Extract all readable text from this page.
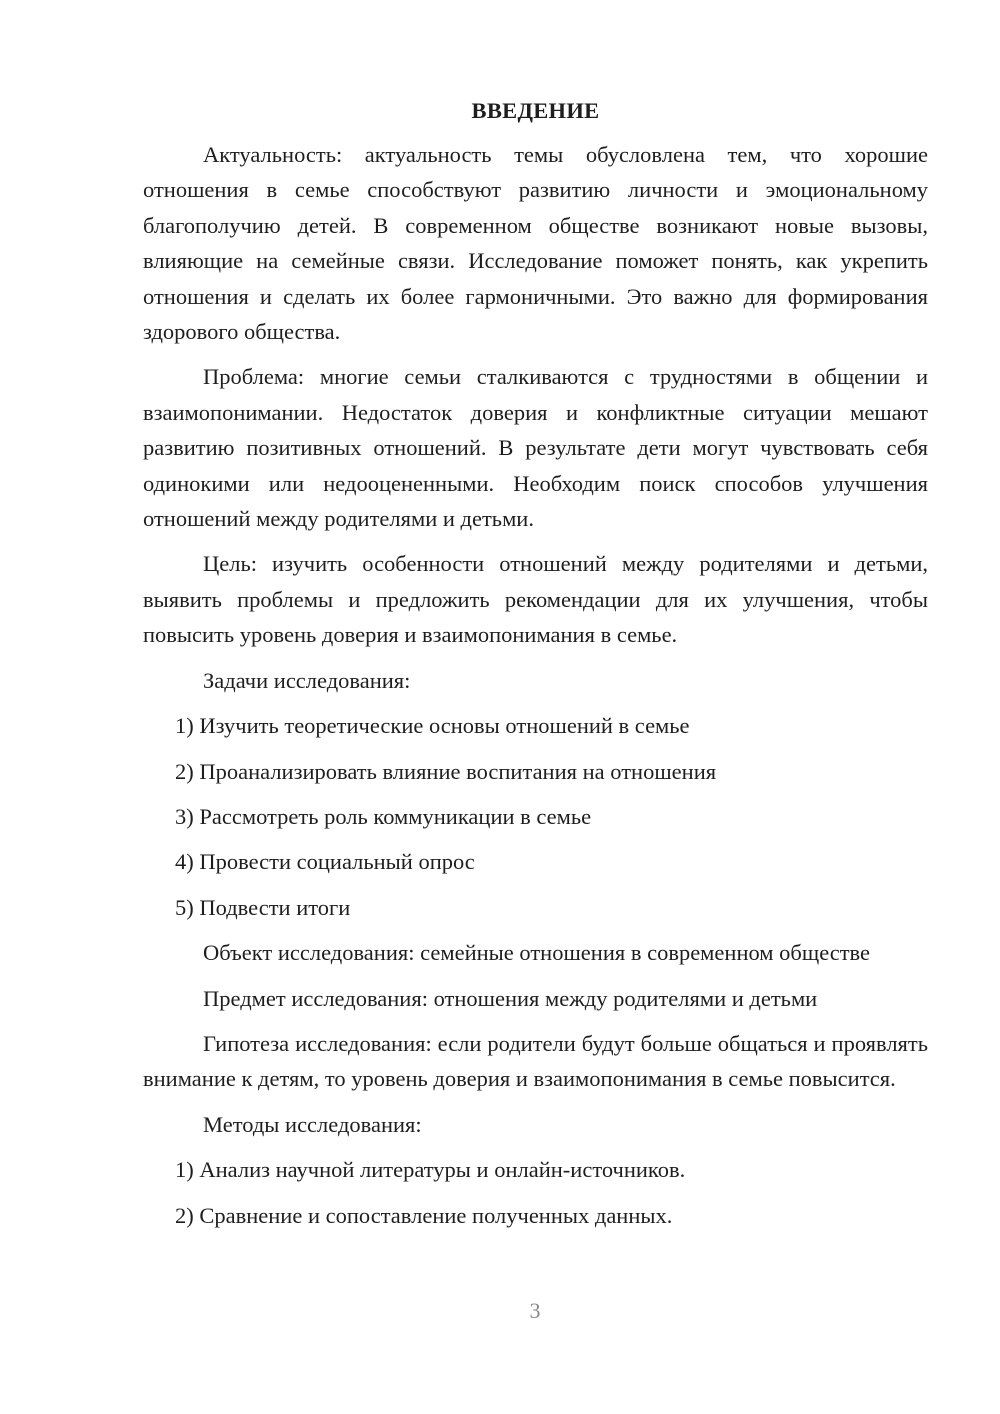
ВВЕДЕНИЕ
Актуальность: актуальность темы обусловлена тем, что хорошие отношения в семье способствуют развитию личности и эмоциональному благополучию детей. В современном обществе возникают новые вызовы, влияющие на семейные связи. Исследование поможет понять, как укрепить отношения и сделать их более гармоничными. Это важно для формирования здорового общества.
Проблема: многие семьи сталкиваются с трудностями в общении и взаимопонимании. Недостаток доверия и конфликтные ситуации мешают развитию позитивных отношений. В результате дети могут чувствовать себя одинокими или недооцененными. Необходим поиск способов улучшения отношений между родителями и детьми.
Цель: изучить особенности отношений между родителями и детьми, выявить проблемы и предложить рекомендации для их улучшения, чтобы повысить уровень доверия и взаимопонимания в семье.
Задачи исследования:
1) Изучить теоретические основы отношений в семье
2) Проанализировать влияние воспитания на отношения
3) Рассмотреть роль коммуникации в семье
4) Провести социальный опрос
5) Подвести итоги
Объект исследования: семейные отношения в современном обществе
Предмет исследования: отношения между родителями и детьми
Гипотеза исследования: если родители будут больше общаться и проявлять внимание к детям, то уровень доверия и взаимопонимания в семье повысится.
Методы исследования:
1) Анализ научной литературы и онлайн-источников.
2) Сравнение и сопоставление полученных данных.
3
